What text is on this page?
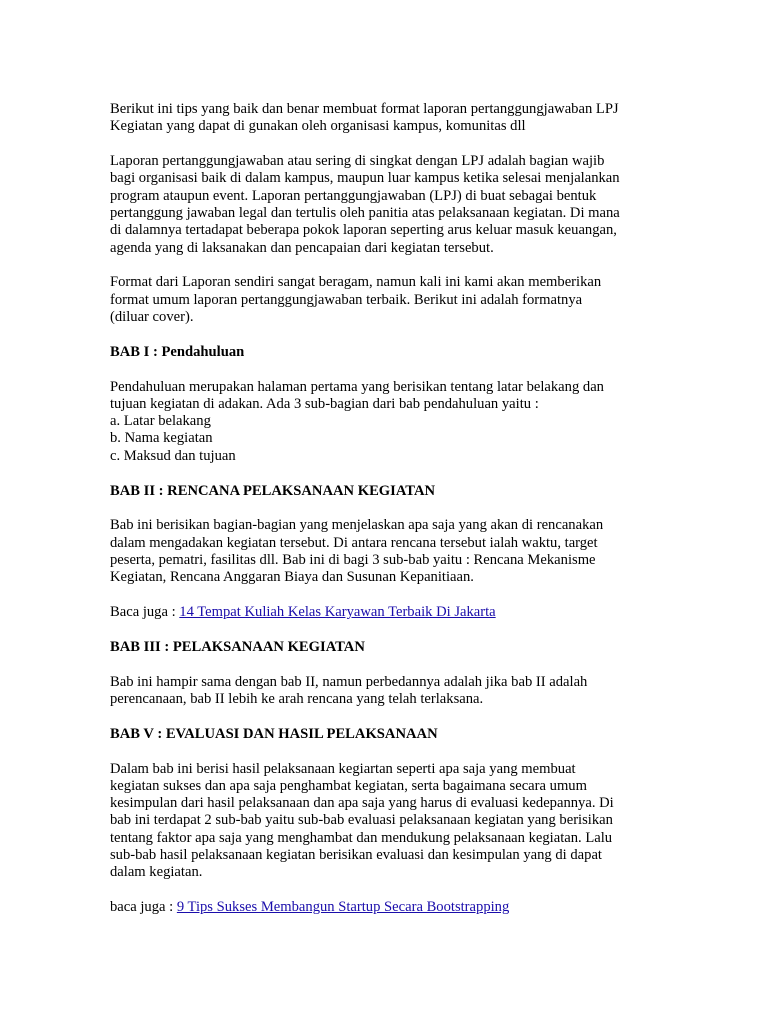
Berikut ini tips yang baik dan benar membuat format laporan pertanggungjawaban LPJ
Kegiatan yang dapat di gunakan oleh organisasi kampus, komunitas dll

Laporan pertanggungjawaban atau sering di singkat dengan LPJ adalah bagian wajib
bagi organisasi baik di dalam kampus, maupun luar kampus ketika selesai menjalankan
program ataupun event. Laporan pertanggungjawaban (LPJ) di buat sebagai bentuk
pertanggung jawaban legal dan tertulis oleh panitia atas pelaksanaan kegiatan. Di mana
di dalamnya tertadapat beberapa pokok laporan seperting arus keluar masuk keuangan,
agenda yang di laksanakan dan pencapaian dari kegiatan tersebut.

Format dari Laporan sendiri sangat beragam, namun kali ini kami akan memberikan
format umum laporan pertanggungjawaban terbaik. Berikut ini adalah formatnya
(diluar cover).

BAB I : Pendahuluan

Pendahuluan merupakan halaman pertama yang berisikan tentang latar belakang dan
tujuan kegiatan di adakan. Ada 3 sub-bagian dari bab pendahuluan yaitu :
a. Latar belakang
b. Nama kegiatan
c. Maksud dan tujuan

BAB II : RENCANA PELAKSANAAN KEGIATAN

Bab ini berisikan bagian-bagian yang menjelaskan apa saja yang akan di rencanakan
dalam mengadakan kegiatan tersebut. Di antara rencana tersebut ialah waktu, target
peserta, pematri, fasilitas dll. Bab ini di bagi 3 sub-bab yaitu : Rencana Mekanisme
Kegiatan, Rencana Anggaran Biaya dan Susunan Kepanitiaan.

Baca juga : 14 Tempat Kuliah Kelas Karyawan Terbaik Di Jakarta

BAB III : PELAKSANAAN KEGIATAN

Bab ini hampir sama dengan bab II, namun perbedannya adalah jika bab II adalah
perencanaan, bab II lebih ke arah rencana yang telah terlaksana.

BAB V : EVALUASI DAN HASIL PELAKSANAAN

Dalam bab ini berisi hasil pelaksanaan kegiartan seperti apa saja yang membuat
kegiatan sukses dan apa saja penghambat kegiatan, serta bagaimana secara umum
kesimpulan dari hasil pelaksanaan dan apa saja yang harus di evaluasi kedepannya. Di
bab ini terdapat 2 sub-bab yaitu sub-bab evaluasi pelaksanaan kegiatan yang berisikan
tentang faktor apa saja yang menghambat dan mendukung pelaksanaan kegiatan. Lalu
sub-bab hasil pelaksanaan kegiatan berisikan evaluasi dan kesimpulan yang di dapat
dalam kegiatan.

baca juga : 9 Tips Sukses Membangun Startup Secara Bootstrapping
